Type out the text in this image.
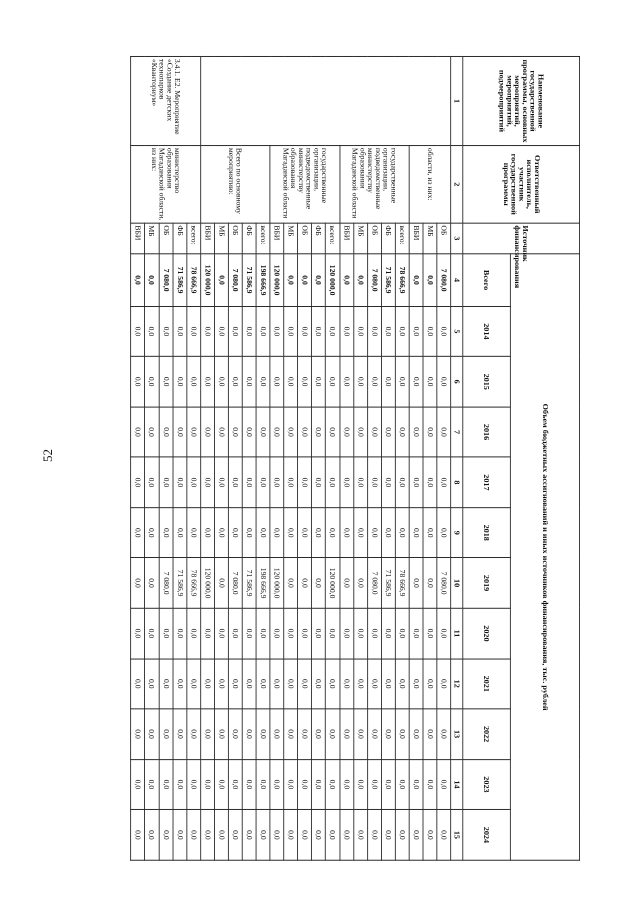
52
Наименование государственной программы, основных мероприятий, мероприятий, подмероприятий	Ответственный исполнитель, участник государственной программы	Источник финансирования	Объем бюджетных ассигнований и иных источников финансирования, тыс. рублей											
			Всего	2014	2015	2016	2017	2018	2019	2020	2021	2022	2023	2024
1	2	3	4	5	6	7	8	9	10	11	12	13	14	15
	области, из них:	ОБ	7 080,0	0,0	0,0	0,0	0,0	0,0	7 080,0	0,0	0,0	0,0	0,0	0,0
		МБ	0,0	0,0	0,0	0,0	0,0	0,0	0,0	0,0	0,0	0,0	0,0	0,0
		ВБИ	0,0	0,0	0,0	0,0	0,0	0,0	0,0	0,0	0,0	0,0	0,0	0,0
	государственные организации, подведомственные министерству образования Магаданской области	всего:	78 666,9	0,0	0,0	0,0	0,0	0,0	78 666,9	0,0	0,0	0,0	0,0	0,0
		ФБ	71 586,9	0,0	0,0	0,0	0,0	0,0	71 586,9	0,0	0,0	0,0	0,0	0,0
		ОБ	7 080,0	0,0	0,0	0,0	0,0	0,0	7 080,0	0,0	0,0	0,0	0,0	0,0
		МБ	0,0	0,0	0,0	0,0	0,0	0,0	0,0	0,0	0,0	0,0	0,0	0,0
		ВБИ	0,0	0,0	0,0	0,0	0,0	0,0	0,0	0,0	0,0	0,0	0,0	0,0
	государственные организации, подведомственные министерству образования Магаданской области	всего:	120 000,0	0,0	0,0	0,0	0,0	0,0	120 000,0	0,0	0,0	0,0	0,0	0,0
		ФБ	0,0	0,0	0,0	0,0	0,0	0,0	0,0	0,0	0,0	0,0	0,0	0,0
		ОБ	0,0	0,0	0,0	0,0	0,0	0,0	0,0	0,0	0,0	0,0	0,0	0,0
		МБ	0,0	0,0	0,0	0,0	0,0	0,0	0,0	0,0	0,0	0,0	0,0	0,0
		ВБИ	120 000,0	0,0	0,0	0,0	0,0	0,0	120 000,0	0,0	0,0	0,0	0,0	0,0
	Всего по основному мероприятию:	всего:	198 666,9	0,0	0,0	0,0	0,0	0,0	198 666,9	0,0	0,0	0,0	0,0	0,0
		ФБ	71 586,9	0,0	0,0	0,0	0,0	0,0	71 586,9	0,0	0,0	0,0	0,0	0,0
		ОБ	7 080,0	0,0	0,0	0,0	0,0	0,0	7 080,0	0,0	0,0	0,0	0,0	0,0
		МБ	0,0	0,0	0,0	0,0	0,0	0,0	0,0	0,0	0,0	0,0	0,0	0,0
		ВБИ	120 000,0	0,0	0,0	0,0	0,0	0,0	120 000,0	0,0	0,0	0,0	0,0	0,0
3.4.1. Е2. Мероприятие «Создание детских технопарков «Кванториум»	министерство образования Магаданской области, из них:	всего:	78 666,9	0,0	0,0	0,0	0,0	0,0	78 666,9	0,0	0,0	0,0	0,0	0,0
		ФБ	71 586,9	0,0	0,0	0,0	0,0	0,0	71 586,9	0,0	0,0	0,0	0,0	0,0
		ОБ	7 080,0	0,0	0,0	0,0	0,0	0,0	7 080,0	0,0	0,0	0,0	0,0	0,0
		МБ	0,0	0,0	0,0	0,0	0,0	0,0	0,0	0,0	0,0	0,0	0,0	0,0
		ВБИ	0,0	0,0	0,0	0,0	0,0	0,0	0,0	0,0	0,0	0,0	0,0	0,0
